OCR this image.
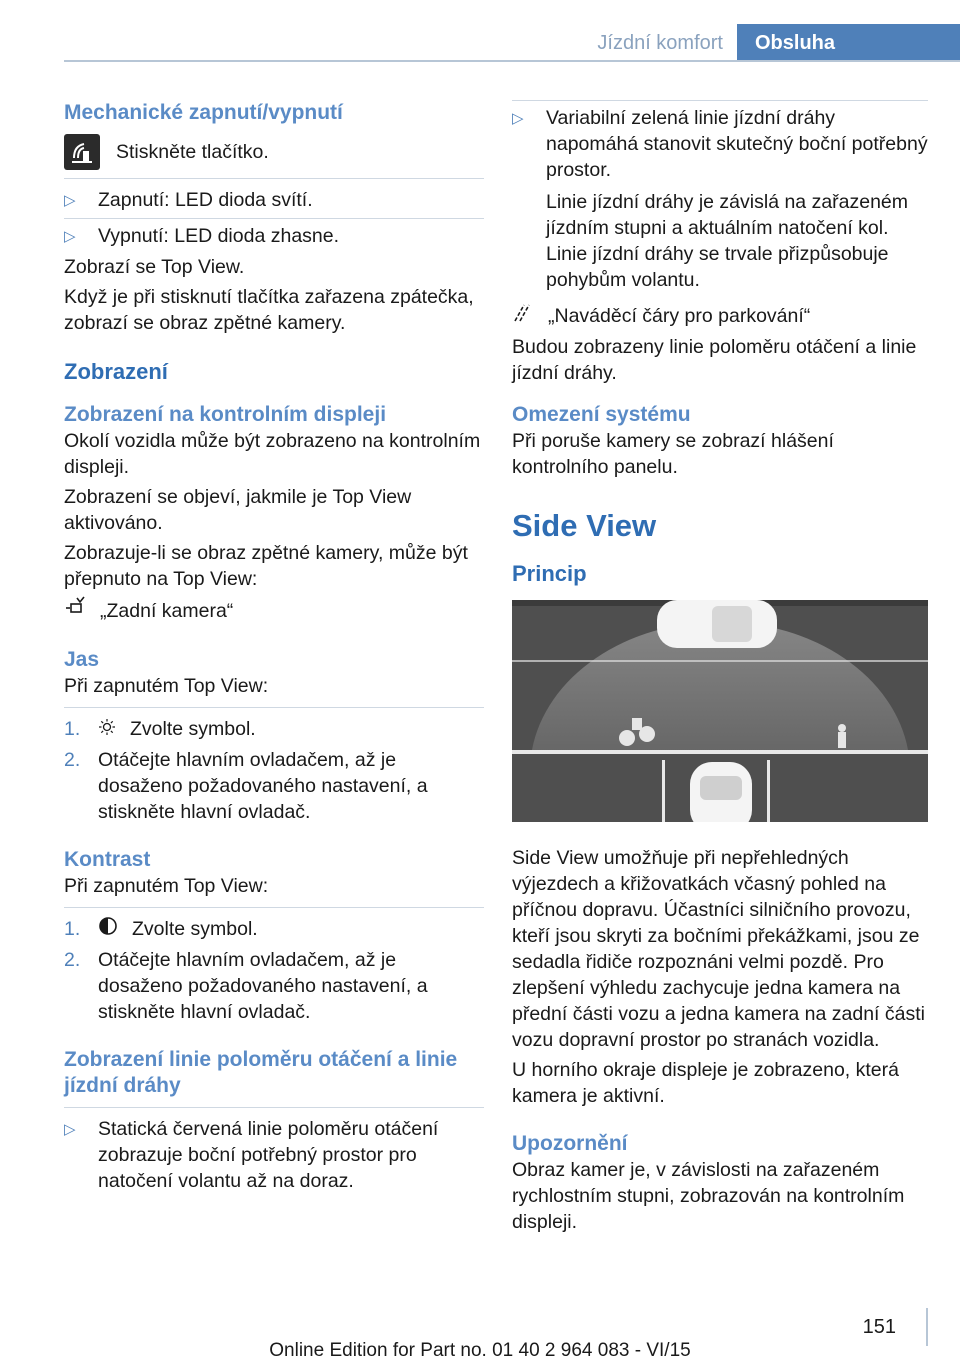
Jízdní komfort	Obsluha

Mechanické zapnutí/vypnutí

Stiskněte tlačítko.

▷	Zapnutí: LED dioda svítí.
▷	Vypnutí: LED dioda zhasne.

Zobrazí se Top View.

Když je při stisknutí tlačítka zařazena zpátečka, zobrazí se obraz zpětné kamery.

Zobrazení

Zobrazení na kontrolním displeji

Okolí vozidla může být zobrazeno na kontrolním displeji.

Zobrazení se objeví, jakmile je Top View aktivováno.

Zobrazuje-li se obraz zpětné kamery, může být přepnuto na Top View:

„Zadní kamera“

Jas

Při zapnutém Top View:

1.	Zvolte symbol.
2. Otáčejte hlavním ovladačem, až je dosaženo požadovaného nastavení, a stiskněte hlavní ovladač.

Kontrast

Při zapnutém Top View:

1.	Zvolte symbol.
2. Otáčejte hlavním ovladačem, až je dosaženo požadovaného nastavení, a stiskněte hlavní ovladač.

Zobrazení linie poloměru otáčení a linie jízdní dráhy

▷	Statická červená linie poloměru otáčení zobrazuje boční potřebný prostor pro natočení volantu až na doraz.
▷	Variabilní zelená linie jízdní dráhy napomáhá stanovit skutečný boční potřebný prostor.
Linie jízdní dráhy je závislá na zařazeném jízdním stupni a aktuálním natočení kol. Linie jízdní dráhy se trvale přizpůsobuje pohybům volantu.
„Naváděcí čáry pro parkování“

Budou zobrazeny linie poloměru otáčení a linie jízdní dráhy.

Omezení systému

Při poruše kamery se zobrazí hlášení kontrolního panelu.

Side View

Princip

Side View umožňuje při nepřehledných výjezdech a křižovatkách včasný pohled na příčnou dopravu. Účastníci silničního provozu, kteří jsou skryti za bočními překážkami, jsou ze sedadla řidiče rozpoznáni velmi pozdě. Pro zlepšení výhledu zachycuje jedna kamera na přední části vozu a jedna kamera na zadní části vozu dopravní prostor po stranách vozidla.

U horního okraje displeje je zobrazeno, která kamera je aktivní.

Upozornění

Obraz kamer je, v závislosti na zařazeném rychlostním stupni, zobrazován na kontrolním displeji.

151
Online Edition for Part no. 01 40 2 964 083 - VI/15
